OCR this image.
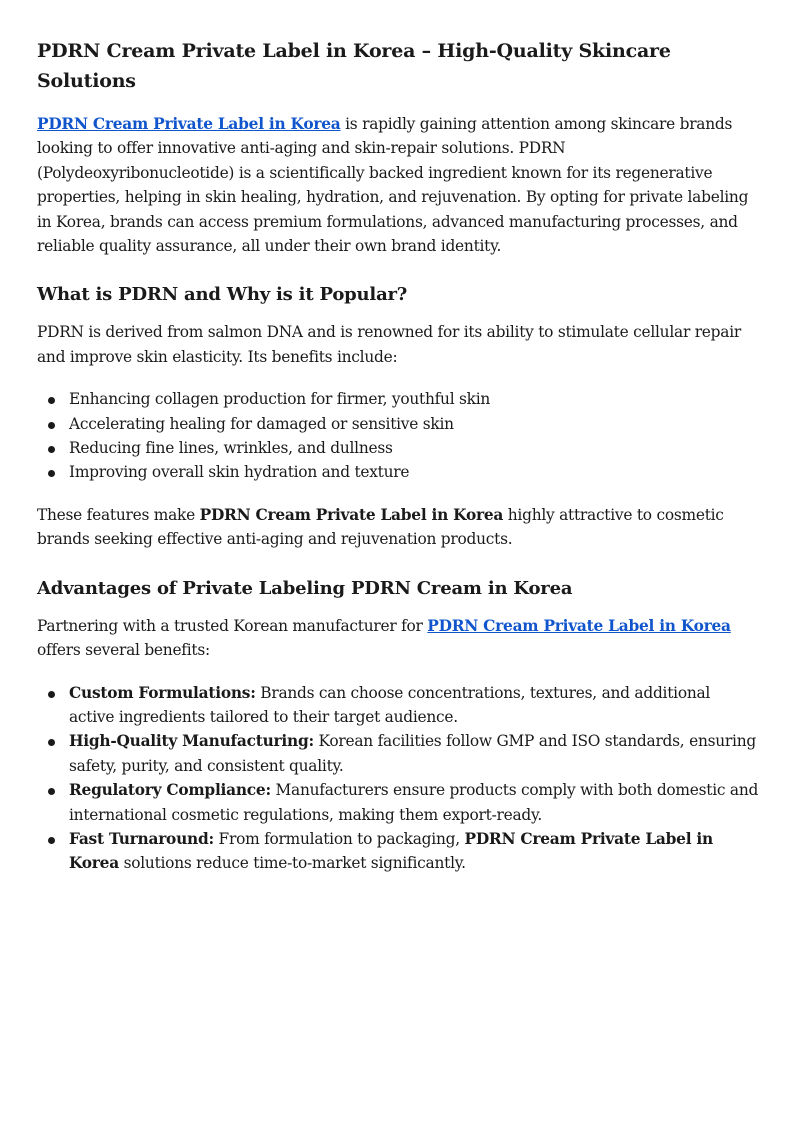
PDRN Cream Private Label in Korea – High-Quality Skincare Solutions

PDRN Cream Private Label in Korea is rapidly gaining attention among skincare brands looking to offer innovative anti-aging and skin-repair solutions. PDRN (Polydeoxyribonucleotide) is a scientifically backed ingredient known for its regenerative properties, helping in skin healing, hydration, and rejuvenation. By opting for private labeling in Korea, brands can access premium formulations, advanced manufacturing processes, and reliable quality assurance, all under their own brand identity.

What is PDRN and Why is it Popular?

PDRN is derived from salmon DNA and is renowned for its ability to stimulate cellular repair and improve skin elasticity. Its benefits include:

Enhancing collagen production for firmer, youthful skin
Accelerating healing for damaged or sensitive skin
Reducing fine lines, wrinkles, and dullness
Improving overall skin hydration and texture

These features make PDRN Cream Private Label in Korea highly attractive to cosmetic brands seeking effective anti-aging and rejuvenation products.

Advantages of Private Labeling PDRN Cream in Korea

Partnering with a trusted Korean manufacturer for PDRN Cream Private Label in Korea offers several benefits:

Custom Formulations: Brands can choose concentrations, textures, and additional active ingredients tailored to their target audience.
High-Quality Manufacturing: Korean facilities follow GMP and ISO standards, ensuring safety, purity, and consistent quality.
Regulatory Compliance: Manufacturers ensure products comply with both domestic and international cosmetic regulations, making them export-ready.
Fast Turnaround: From formulation to packaging, PDRN Cream Private Label in Korea solutions reduce time-to-market significantly.
